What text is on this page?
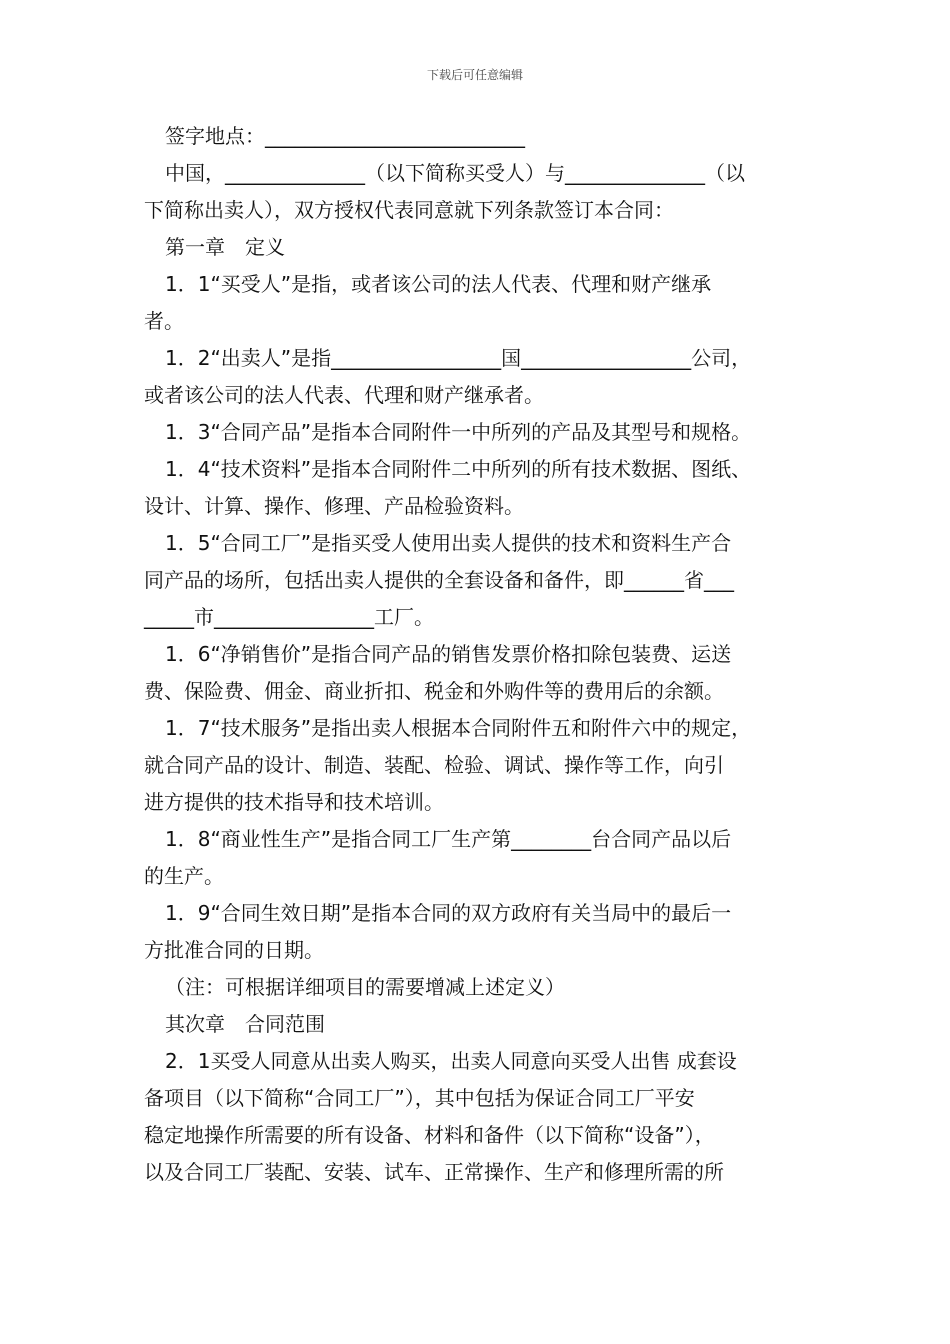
下载后可任意编辑
签字地点：__________________________
中国，______________（以下简称买受人）与______________（以
下简称出卖人），双方授权代表同意就下列条款签订本合同：
第一章　定义
1．1“买受人”是指，或者该公司的法人代表、代理和财产继承
者。
1．2“出卖人”是指_________________国_________________公司，
或者该公司的法人代表、代理和财产继承者。
1．3“合同产品”是指本合同附件一中所列的产品及其型号和规格。
1．4“技术资料”是指本合同附件二中所列的所有技术数据、图纸、
设计、计算、操作、修理、产品检验资料。
1．5“合同工厂”是指买受人使用出卖人提供的技术和资料生产合
同产品的场所，包括出卖人提供的全套设备和备件，即______省___
_____市________________工厂。
1．6“净销售价”是指合同产品的销售发票价格扣除包装费、运送
费、保险费、佣金、商业折扣、税金和外购件等的费用后的余额。
1．7“技术服务”是指出卖人根据本合同附件五和附件六中的规定，
就合同产品的设计、制造、装配、检验、调试、操作等工作，向引
进方提供的技术指导和技术培训。
1．8“商业性生产”是指合同工厂生产第________台合同产品以后
的生产。
1．9“合同生效日期”是指本合同的双方政府有关当局中的最后一
方批准合同的日期。
（注：可根据详细项目的需要增减上述定义）
其次章　合同范围
2．1买受人同意从出卖人购买，出卖人同意向买受人出售 成套设
备项目（以下简称“合同工厂”），其中包括为保证合同工厂平安
稳定地操作所需要的所有设备、材料和备件（以下简称“设备”），
以及合同工厂装配、安装、试车、正常操作、生产和修理所需的所
